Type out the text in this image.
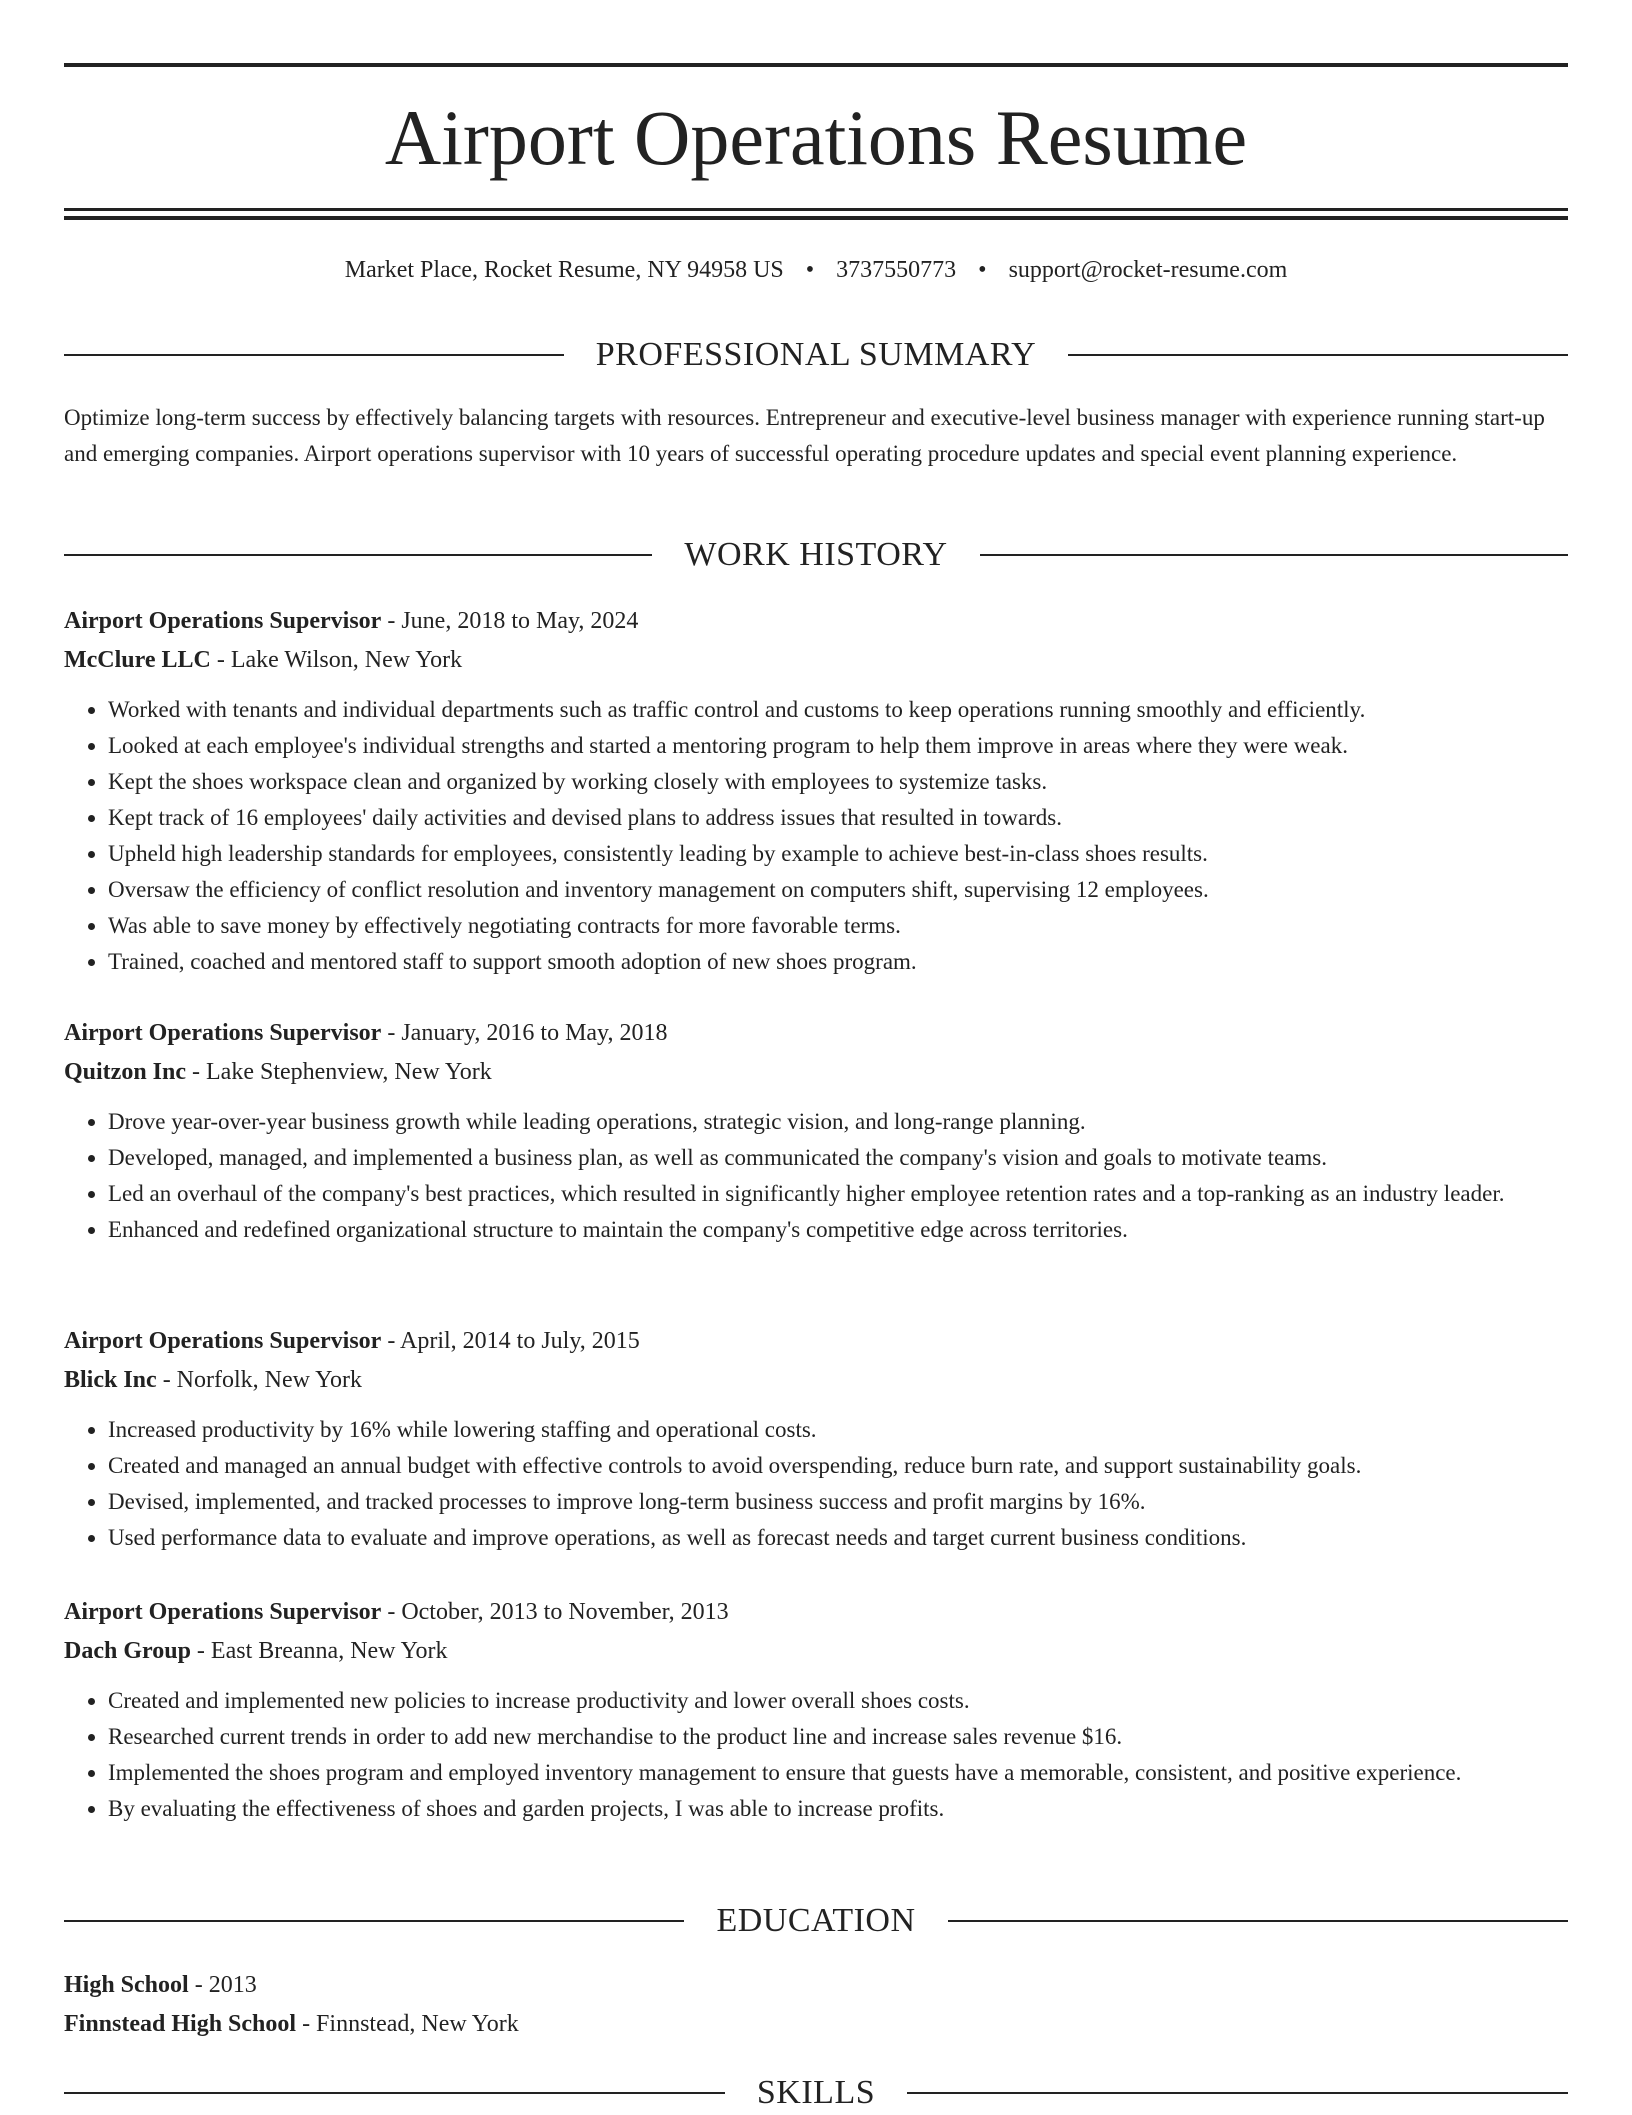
Airport Operations Resume
Market Place, Rocket Resume, NY 94958 US • 3737550773 • support@rocket-resume.com
PROFESSIONAL SUMMARY

Optimize long-term success by effectively balancing targets with resources. Entrepreneur and executive-level business manager with experience running start-up and emerging companies. Airport operations supervisor with 10 years of successful operating procedure updates and special event planning experience.

WORK HISTORY
Airport Operations Supervisor - June, 2018 to May, 2024
McClure LLC - Lake Wilson, New York
• Worked with tenants and individual departments such as traffic control and customs to keep operations running smoothly and efficiently.
• Looked at each employee's individual strengths and started a mentoring program to help them improve in areas where they were weak.
• Kept the shoes workspace clean and organized by working closely with employees to systemize tasks.
• Kept track of 16 employees' daily activities and devised plans to address issues that resulted in towards.
• Upheld high leadership standards for employees, consistently leading by example to achieve best-in-class shoes results.
• Oversaw the efficiency of conflict resolution and inventory management on computers shift, supervising 12 employees.
• Was able to save money by effectively negotiating contracts for more favorable terms.
• Trained, coached and mentored staff to support smooth adoption of new shoes program.
Airport Operations Supervisor - January, 2016 to May, 2018
Quitzon Inc - Lake Stephenview, New York
• Drove year-over-year business growth while leading operations, strategic vision, and long-range planning.
• Developed, managed, and implemented a business plan, as well as communicated the company's vision and goals to motivate teams.
• Led an overhaul of the company's best practices, which resulted in significantly higher employee retention rates and a top-ranking as an industry leader.
• Enhanced and redefined organizational structure to maintain the company's competitive edge across territories.
Airport Operations Supervisor - April, 2014 to July, 2015
Blick Inc - Norfolk, New York
• Increased productivity by 16% while lowering staffing and operational costs.
• Created and managed an annual budget with effective controls to avoid overspending, reduce burn rate, and support sustainability goals.
• Devised, implemented, and tracked processes to improve long-term business success and profit margins by 16%.
• Used performance data to evaluate and improve operations, as well as forecast needs and target current business conditions.
Airport Operations Supervisor - October, 2013 to November, 2013
Dach Group - East Breanna, New York
• Created and implemented new policies to increase productivity and lower overall shoes costs.
• Researched current trends in order to add new merchandise to the product line and increase sales revenue $16.
• Implemented the shoes program and employed inventory management to ensure that guests have a memorable, consistent, and positive experience.
• By evaluating the effectiveness of shoes and garden projects, I was able to increase profits.
EDUCATION
High School - 2013
Finnstead High School - Finnstead, New York
SKILLS
